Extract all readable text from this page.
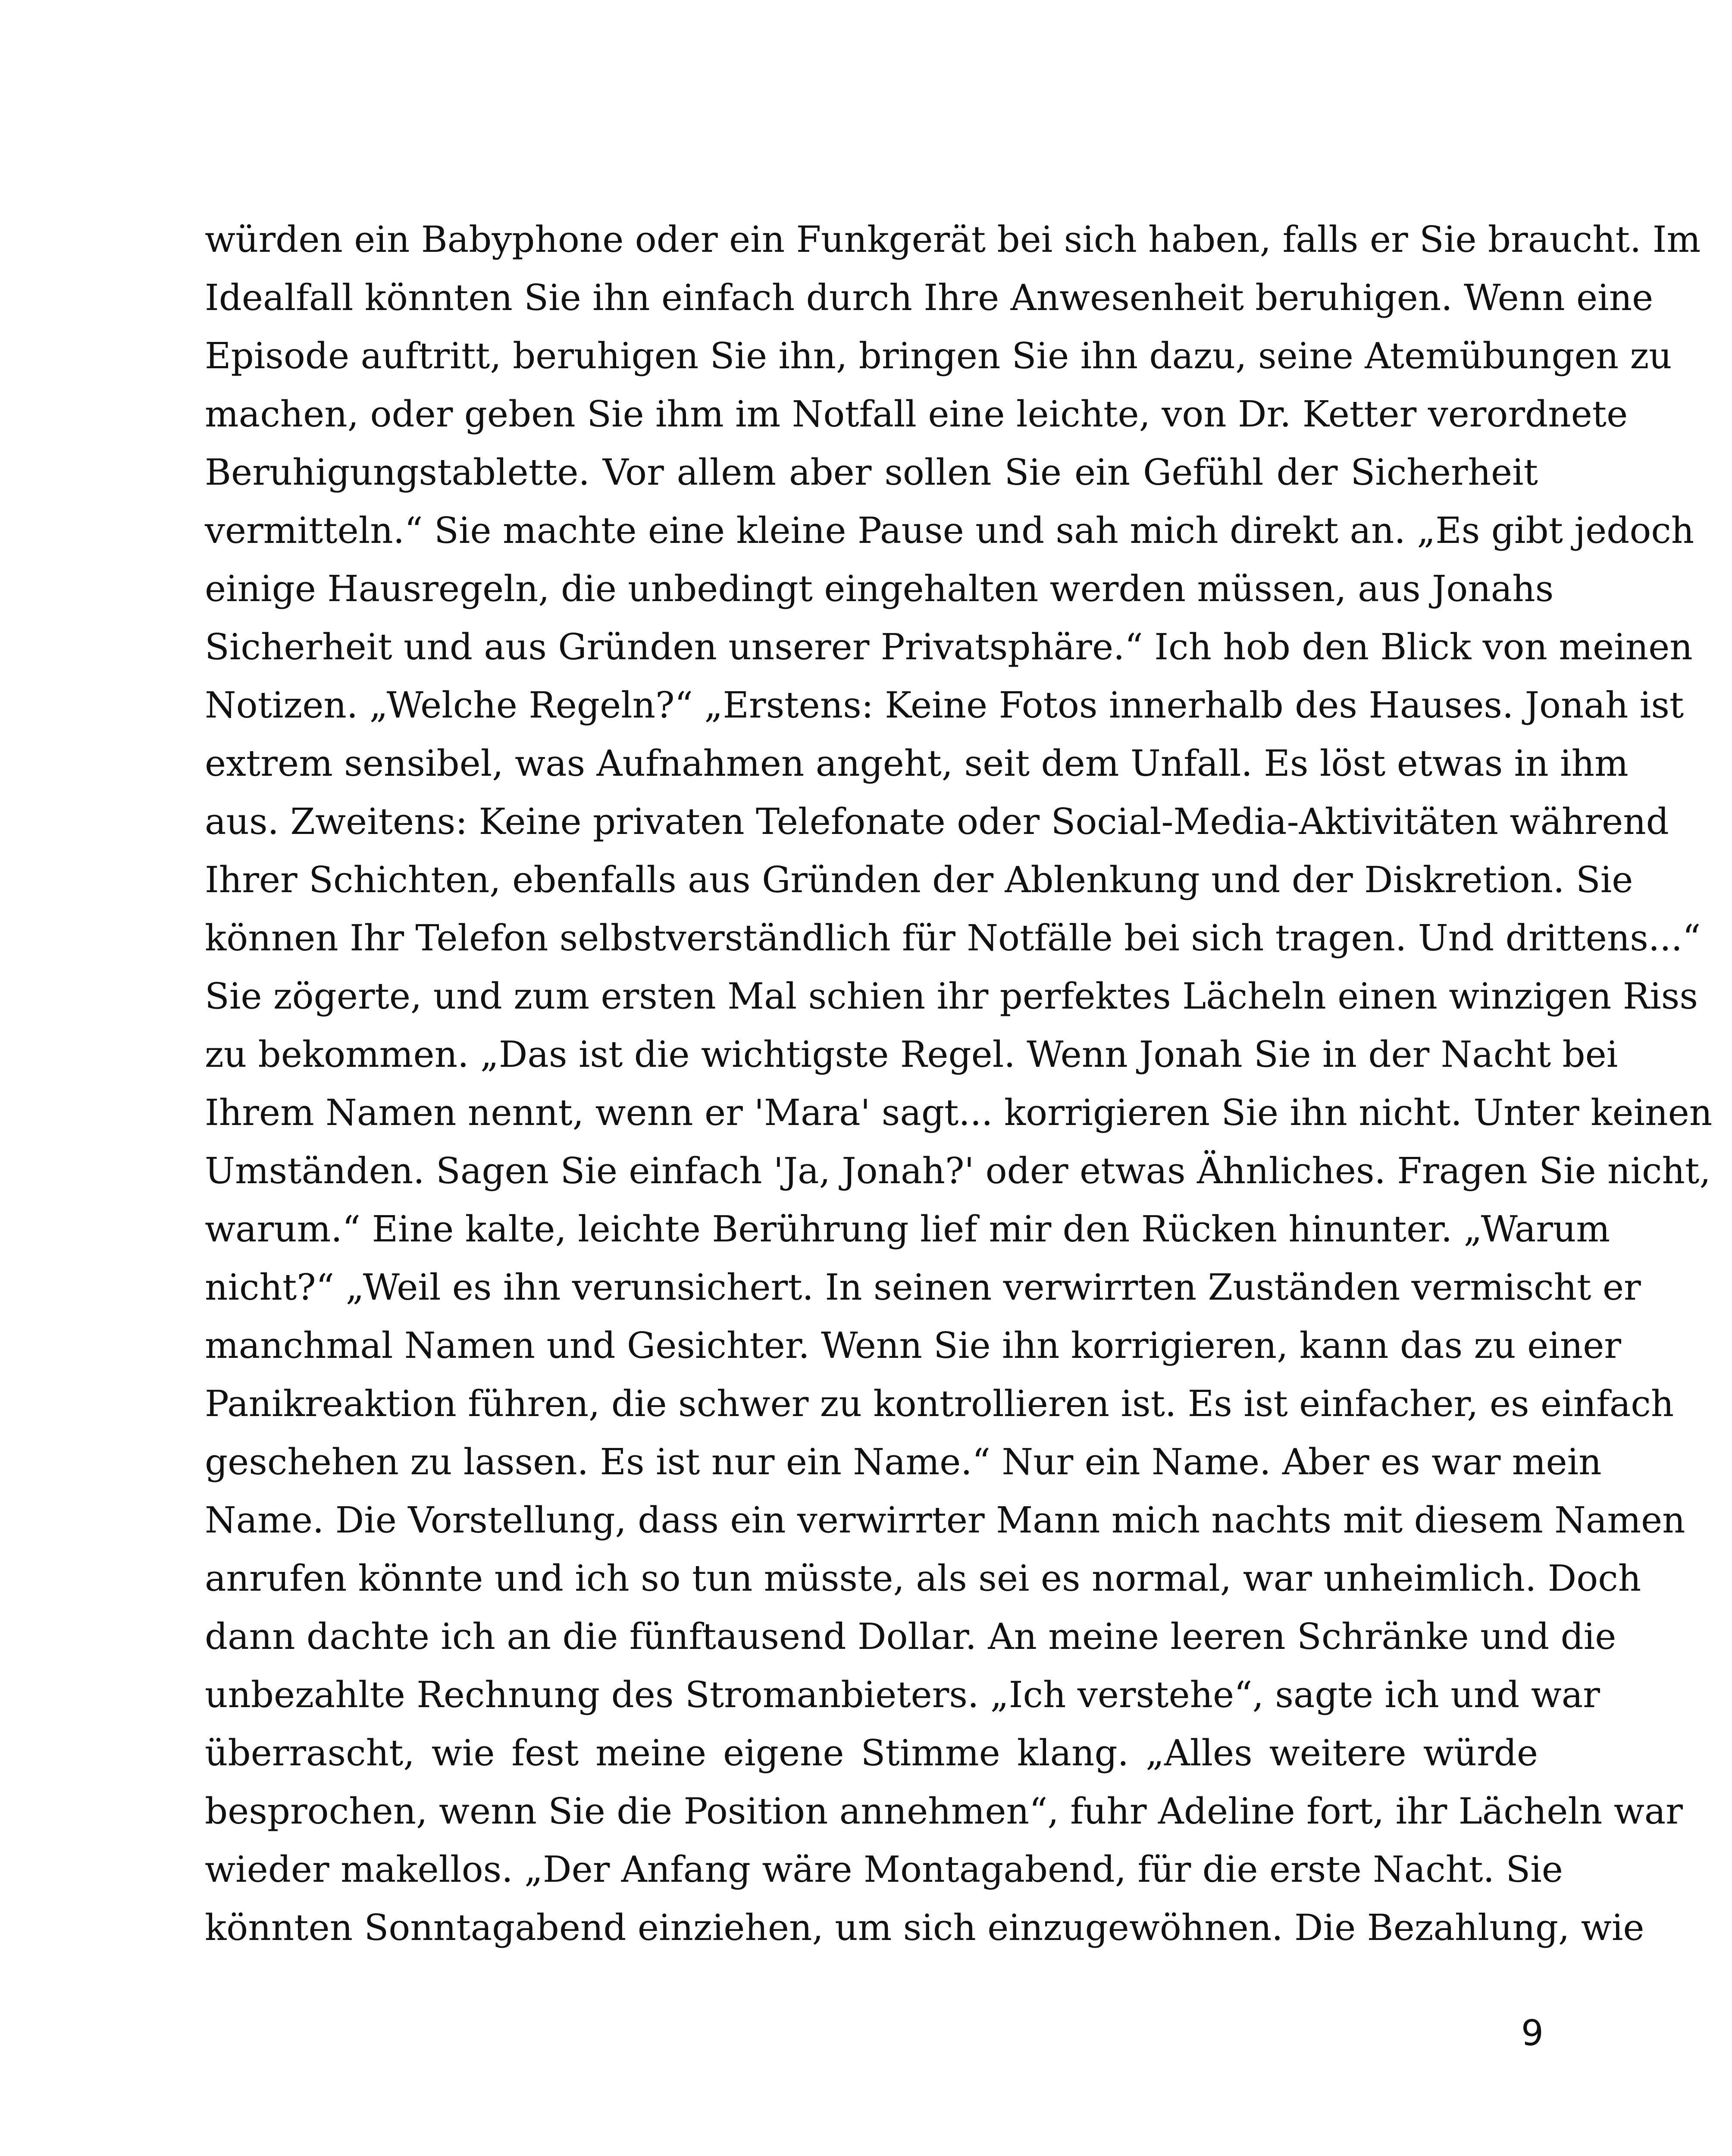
würden ein Babyphone oder ein Funkgerät bei sich haben, falls er Sie braucht. Im
Idealfall könnten Sie ihn einfach durch Ihre Anwesenheit beruhigen. Wenn eine
Episode auftritt, beruhigen Sie ihn, bringen Sie ihn dazu, seine Atemübungen zu
machen, oder geben Sie ihm im Notfall eine leichte, von Dr. Ketter verordnete
Beruhigungstablette. Vor allem aber sollen Sie ein Gefühl der Sicherheit
vermitteln.“ Sie machte eine kleine Pause und sah mich direkt an. „Es gibt jedoch
einige Hausregeln, die unbedingt eingehalten werden müssen, aus Jonahs
Sicherheit und aus Gründen unserer Privatsphäre.“ Ich hob den Blick von meinen
Notizen. „Welche Regeln?“ „Erstens: Keine Fotos innerhalb des Hauses. Jonah ist
extrem sensibel, was Aufnahmen angeht, seit dem Unfall. Es löst etwas in ihm
aus. Zweitens: Keine privaten Telefonate oder Social-Media-Aktivitäten während
Ihrer Schichten, ebenfalls aus Gründen der Ablenkung und der Diskretion. Sie
können Ihr Telefon selbstverständlich für Notfälle bei sich tragen. Und drittens...“
Sie zögerte, und zum ersten Mal schien ihr perfektes Lächeln einen winzigen Riss
zu bekommen. „Das ist die wichtigste Regel. Wenn Jonah Sie in der Nacht bei
Ihrem Namen nennt, wenn er 'Mara' sagt... korrigieren Sie ihn nicht. Unter keinen
Umständen. Sagen Sie einfach 'Ja, Jonah?' oder etwas Ähnliches. Fragen Sie nicht,
warum.“ Eine kalte, leichte Berührung lief mir den Rücken hinunter. „Warum
nicht?“ „Weil es ihn verunsichert. In seinen verwirrten Zuständen vermischt er
manchmal Namen und Gesichter. Wenn Sie ihn korrigieren, kann das zu einer
Panikreaktion führen, die schwer zu kontrollieren ist. Es ist einfacher, es einfach
geschehen zu lassen. Es ist nur ein Name.“ Nur ein Name. Aber es war mein
Name. Die Vorstellung, dass ein verwirrter Mann mich nachts mit diesem Namen
anrufen könnte und ich so tun müsste, als sei es normal, war unheimlich. Doch
dann dachte ich an die fünftausend Dollar. An meine leeren Schränke und die
unbezahlte Rechnung des Stromanbieters. „Ich verstehe“, sagte ich und war
überrascht, wie fest meine eigene Stimme klang. „Alles weitere würde
besprochen, wenn Sie die Position annehmen“, fuhr Adeline fort, ihr Lächeln war
wieder makellos. „Der Anfang wäre Montagabend, für die erste Nacht. Sie
könnten Sonntagabend einziehen, um sich einzugewöhnen. Die Bezahlung, wie
9
